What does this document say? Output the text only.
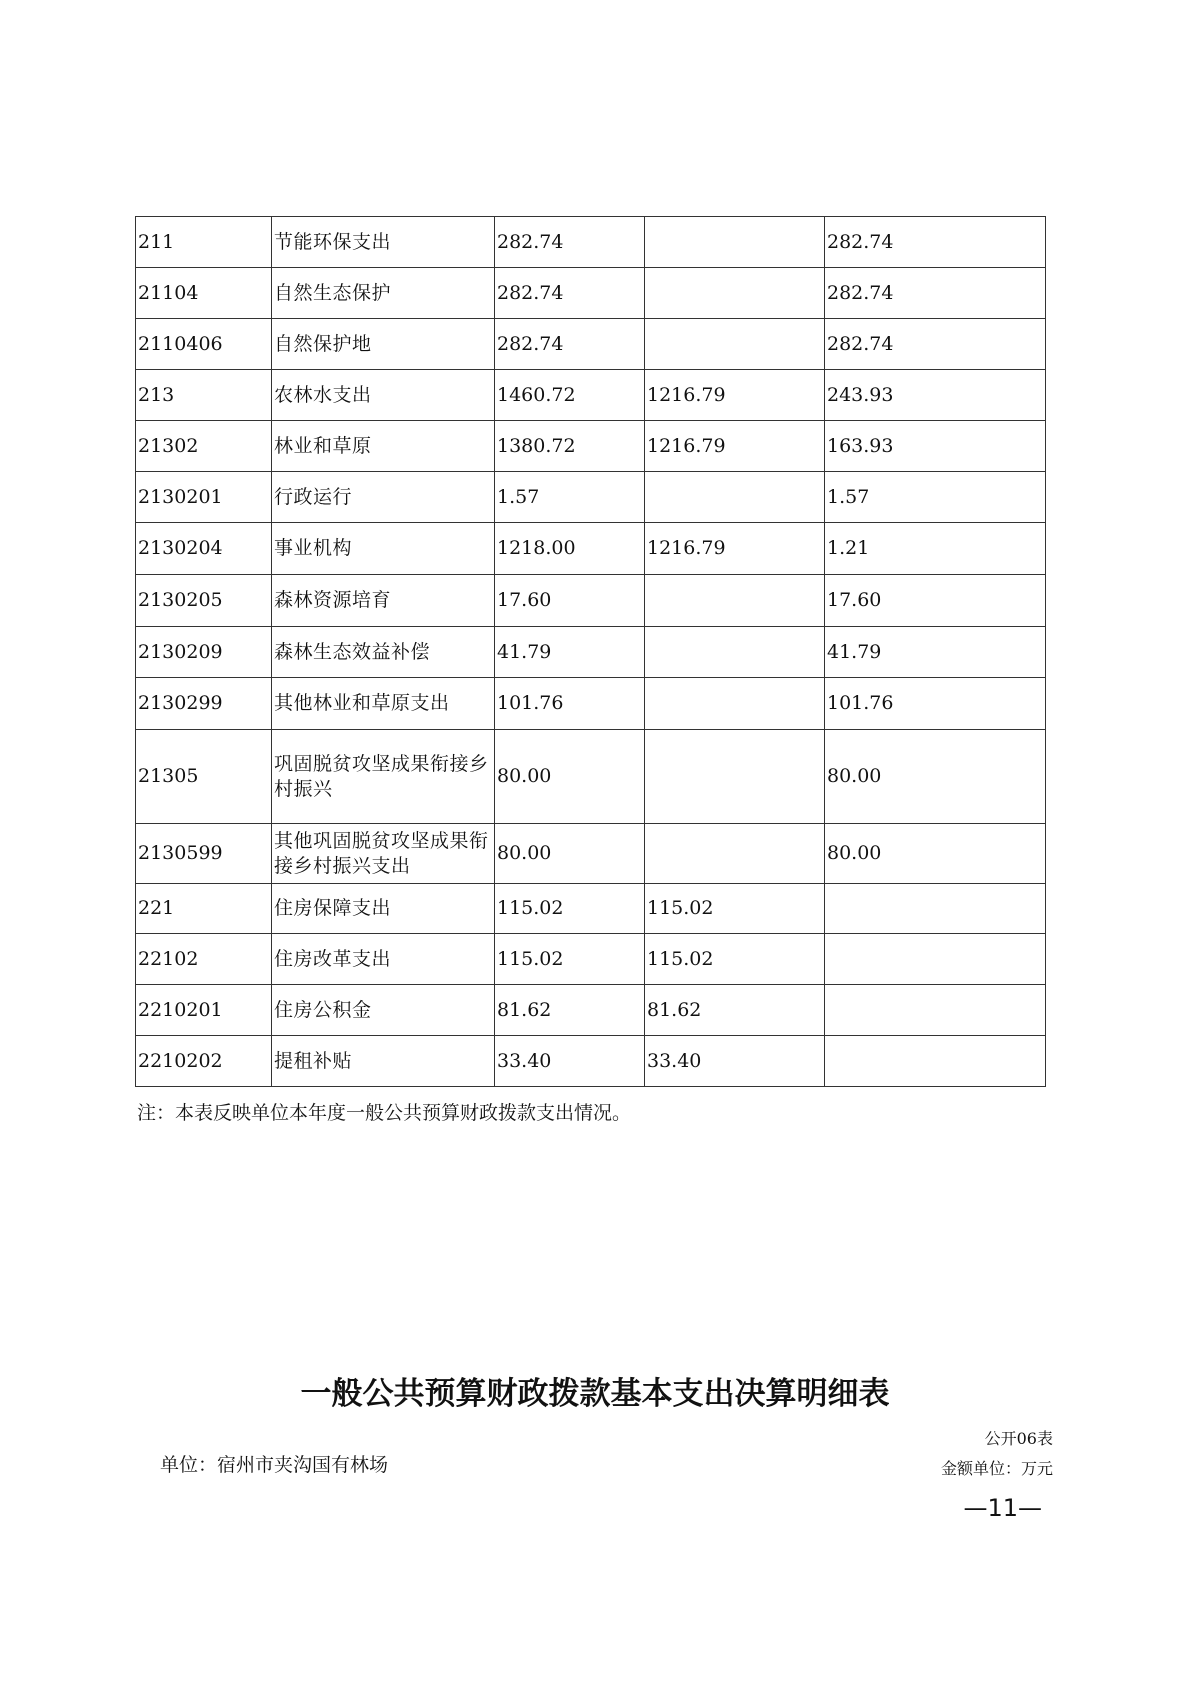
211	节能环保支出	282.74		282.74
21104	自然生态保护	282.74		282.74
2110406	自然保护地	282.74		282.74
213	农林水支出	1460.72	1216.79	243.93
21302	林业和草原	1380.72	1216.79	163.93
2130201	行政运行	1.57		1.57
2130204	事业机构	1218.00	1216.79	1.21
2130205	森林资源培育	17.60		17.60
2130209	森林生态效益补偿	41.79		41.79
2130299	其他林业和草原支出	101.76		101.76
21305	巩固脱贫攻坚成果衔接乡村振兴	80.00		80.00
2130599	其他巩固脱贫攻坚成果衔接乡村振兴支出	80.00		80.00
221	住房保障支出	115.02	115.02	
22102	住房改革支出	115.02	115.02	
2210201	住房公积金	81.62	81.62	
2210202	提租补贴	33.40	33.40	
注：本表反映单位本年度一般公共预算财政拨款支出情况。
一般公共预算财政拨款基本支出决算明细表
公开06表
单位：宿州市夹沟国有林场	金额单位：万元
—11—
